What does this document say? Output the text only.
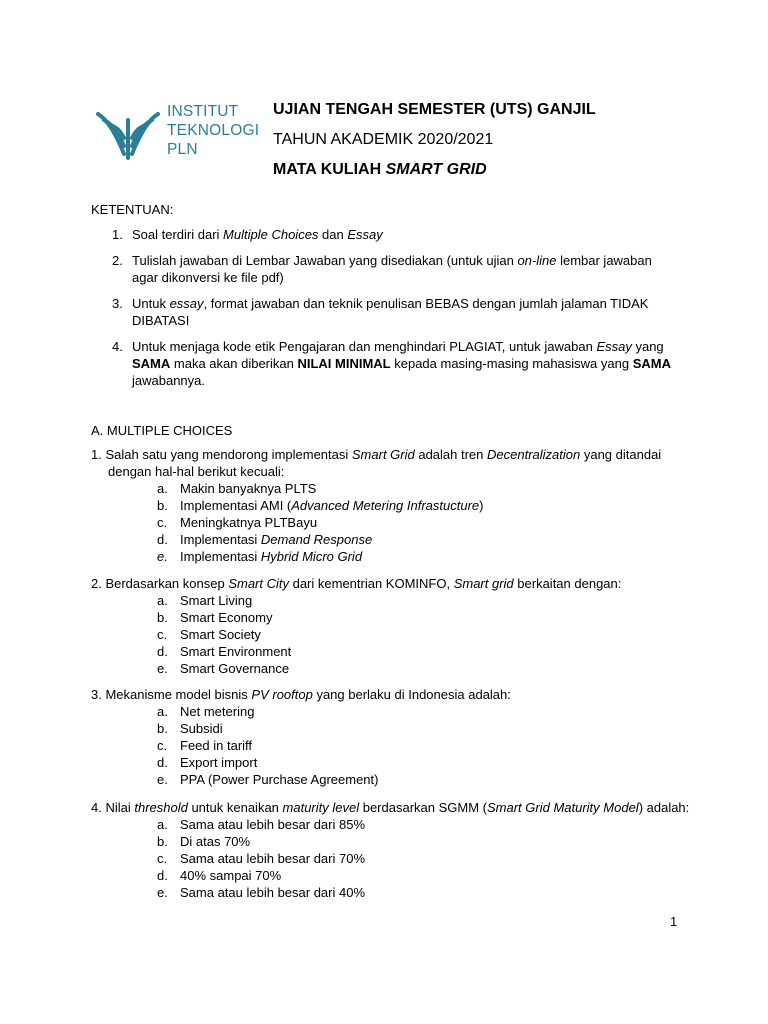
INSTITUT
TEKNOLOGI
PLN
UJIAN TENGAH SEMESTER (UTS) GANJIL
TAHUN AKADEMIK 2020/2021
MATA KULIAH SMART GRID
KETENTUAN:
1. Soal terdiri dari Multiple Choices dan Essay
2. Tulislah jawaban di Lembar Jawaban yang disediakan (untuk ujian on-line lembar jawaban agar dikonversi ke file pdf)
3. Untuk essay, format jawaban dan teknik penulisan BEBAS dengan jumlah jalaman TIDAK DIBATASI
4. Untuk menjaga kode etik Pengajaran dan menghindari PLAGIAT, untuk jawaban Essay yang SAMA maka akan diberikan NILAI MINIMAL kepada masing-masing mahasiswa yang SAMA jawabannya.
A. MULTIPLE CHOICES
1. Salah satu yang mendorong implementasi Smart Grid adalah tren Decentralization yang ditandai dengan hal-hal berikut kecuali:
a. Makin banyaknya PLTS
b. Implementasi AMI (Advanced Metering Infrastucture)
c. Meningkatnya PLTBayu
d. Implementasi Demand Response
e. Implementasi Hybrid Micro Grid
2. Berdasarkan konsep Smart City dari kementrian KOMINFO, Smart grid berkaitan dengan:
a. Smart Living
b. Smart Economy
c. Smart Society
d. Smart Environment
e. Smart Governance
3. Mekanisme model bisnis PV rooftop yang berlaku di Indonesia adalah:
a. Net metering
b. Subsidi
c. Feed in tariff
d. Export import
e. PPA (Power Purchase Agreement)
4. Nilai threshold untuk kenaikan maturity level berdasarkan SGMM (Smart Grid Maturity Model) adalah:
a. Sama atau lebih besar dari 85%
b. Di atas 70%
c. Sama atau lebih besar dari 70%
d. 40% sampai 70%
e. Sama atau lebih besar dari 40%
1
